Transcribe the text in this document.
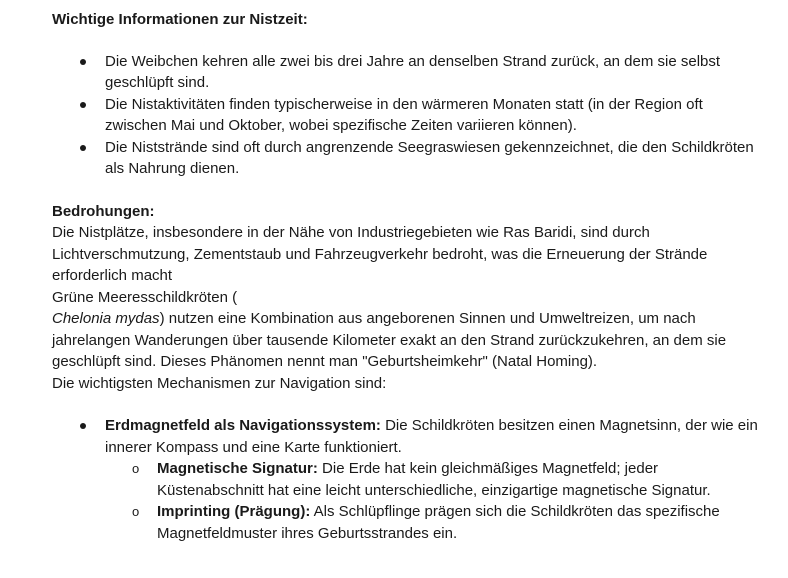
Wichtige Informationen zur Nistzeit:

Die Weibchen kehren alle zwei bis drei Jahre an denselben Strand zurück, an dem sie selbst geschlüpft sind.
Die Nistaktivitäten finden typischerweise in den wärmeren Monaten statt (in der Region oft zwischen Mai und Oktober, wobei spezifische Zeiten variieren können).
Die Niststrände sind oft durch angrenzende Seegraswiesen gekennzeichnet, die den Schildkröten als Nahrung dienen.

Bedrohungen:

Die Nistplätze, insbesondere in der Nähe von Industriegebieten wie Ras Baridi, sind durch Lichtverschmutzung, Zementstaub und Fahrzeugverkehr bedroht, was die Erneuerung der Strände erforderlich macht

Grüne Meeresschildkröten (

Chelonia mydas) nutzen eine Kombination aus angeborenen Sinnen und Umweltreizen, um nach jahrelangen Wanderungen über tausende Kilometer exakt an den Strand zurückzukehren, an dem sie geschlüpft sind. Dieses Phänomen nennt man "Geburtsheimkehr" (Natal Homing).

Die wichtigsten Mechanismen zur Navigation sind:

Erdmagnetfeld als Navigationssystem: Die Schildkröten besitzen einen Magnetsinn, der wie ein innerer Kompass und eine Karte funktioniert.
o Magnetische Signatur: Die Erde hat kein gleichmäßiges Magnetfeld; jeder Küstenabschnitt hat eine leicht unterschiedliche, einzigartige magnetische Signatur.
o Imprinting (Prägung): Als Schlüpflinge prägen sich die Schildkröten das spezifische Magnetfeldmuster ihres Geburtsstrandes ein.
